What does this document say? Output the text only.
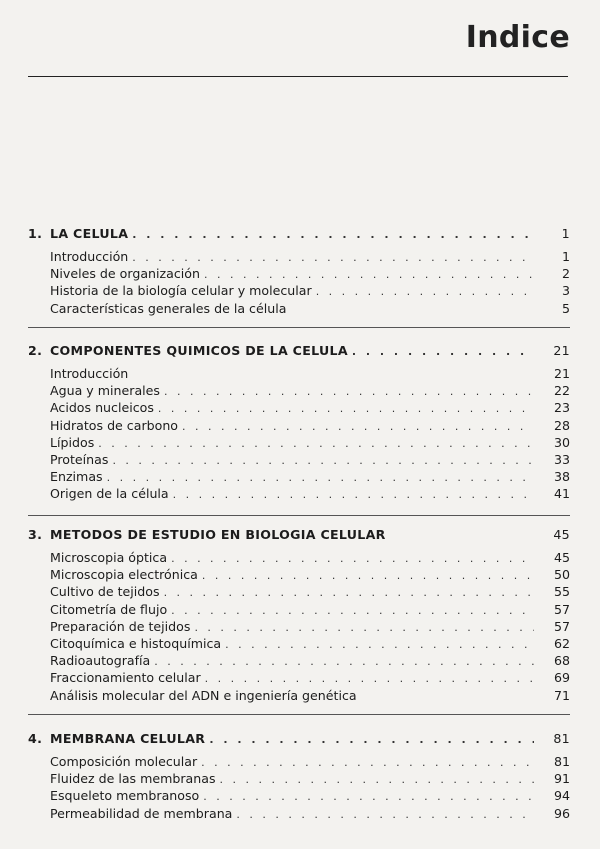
Indice
1. LA CELULA . . .	1
Introducción . . .	1
Niveles de organización . . .	2
Historia de la biología celular y molecular . . .	3
Características generales de la célula	5
2. COMPONENTES QUIMICOS DE LA CELULA . . .	21
Introducción	21
Agua y minerales . . .	22
Acidos nucleicos . . .	23
Hidratos de carbono . . .	28
Lípidos . . .	30
Proteínas . . .	33
Enzimas . . .	38
Origen de la célula . . .	41
3. METODOS DE ESTUDIO EN BIOLOGIA CELULAR	45
Microscopia óptica . . .	45
Microscopia electrónica . . .	50
Cultivo de tejidos . . .	55
Citometría de flujo . . .	57
Preparación de tejidos . . .	57
Citoquímica e histoquímica . . .	62
Radioautografía . . .	68
Fraccionamiento celular . . .	69
Análisis molecular del ADN e ingeniería genética	71
4. MEMBRANA CELULAR . . .	81
Composición molecular . . .	81
Fluidez de las membranas . . .	91
Esqueleto membranoso . . .	94
Permeabilidad de membrana . . .	96
